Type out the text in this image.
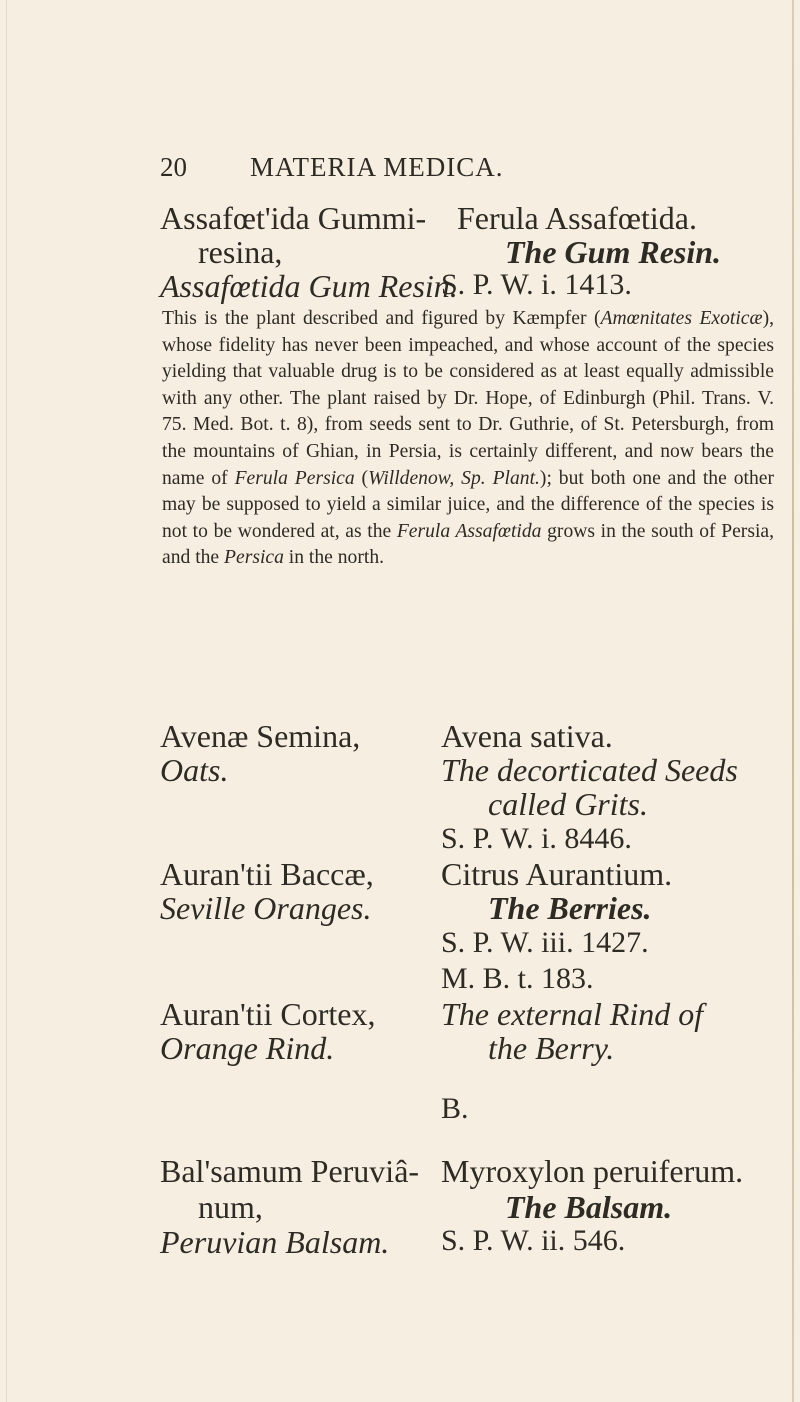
20 MATERIA MEDICA.
Assafœt'ida Gummi-
resina,
Assafœtida Gum Resin.
Ferula Assafœtida.
The Gum Resin.
S. P. W. i. 1413.

This is the plant described and figured by Kæmpfer (Amœnitates Exoticæ), whose fidelity has never been impeached, and whose account of the species yielding that valuable drug is to be considered as at least equally admissible with any other. The plant raised by Dr. Hope, of Edinburgh (Phil. Trans. V. 75. Med. Bot. t. 8), from seeds sent to Dr. Guthrie, of St. Petersburgh, from the mountains of Ghian, in Persia, is certainly different, and now bears the name of Ferula Persica (Willdenow, Sp. Plant.); but both one and the other may be supposed to yield a similar juice, and the difference of the species is not to be wondered at, as the Ferula Assafœtida grows in the south of Persia, and the Persica in the north.

Avenæ Semina,
Oats.
Avena sativa.
The decorticated Seeds
called Grits.
S. P. W. i. 8446.
Auran'tii Baccæ,
Seville Oranges.
Citrus Aurantium.
The Berries.
S. P. W. iii. 1427.
M. B. t. 183.
Auran'tii Cortex,
Orange Rind.
The external Rind of
the Berry.
B.
Bal'samum Peruviâ-
num,
Peruvian Balsam.
Myroxylon peruiferum.
The Balsam.
S. P. W. ii. 546.
